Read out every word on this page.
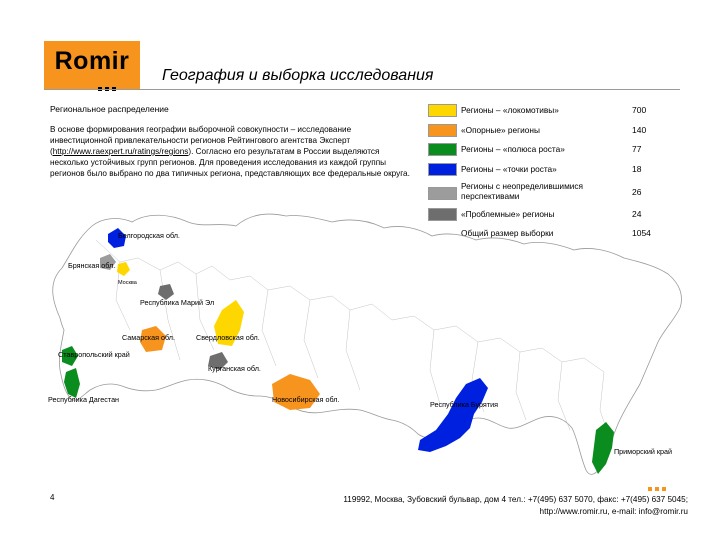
Romir
География и выборка исследования
Региональное распределение
В основе формирования географии выборочной совокупности – исследование инвестиционной привлекательности регионов Рейтингового агентства Эксперт (http://www.raexpert.ru/ratings/regions). Согласно его результатам в России выделяются несколько устойчивых групп регионов. Для проведения исследования из каждой группы регионов было выбрано по два типичных региона, представляющих все федеральные округа.
Регионы – «локомотивы»	700
«Опорные» регионы	140
Регионы – «полюса роста»	77
Регионы – «точки роста»	18
Регионы с неопределившимися перспективами	26
«Проблемные» регионы	24
Общий размер выборки	1054
Белгородская обл.
Брянская обл.
Москва
Республика Марий Эл
Самарская обл.	Свердловская обл.
Ставропольский край
Курганская обл.
Республика Дагестан	Новосибирская обл.
Республика Бурятия
Приморский край
4	119992, Москва, Зубовский бульвар, дом 4 тел.: +7(495) 637 5070, факс: +7(495) 637 5045;
http://www.romir.ru, e-mail: info@romir.ru
